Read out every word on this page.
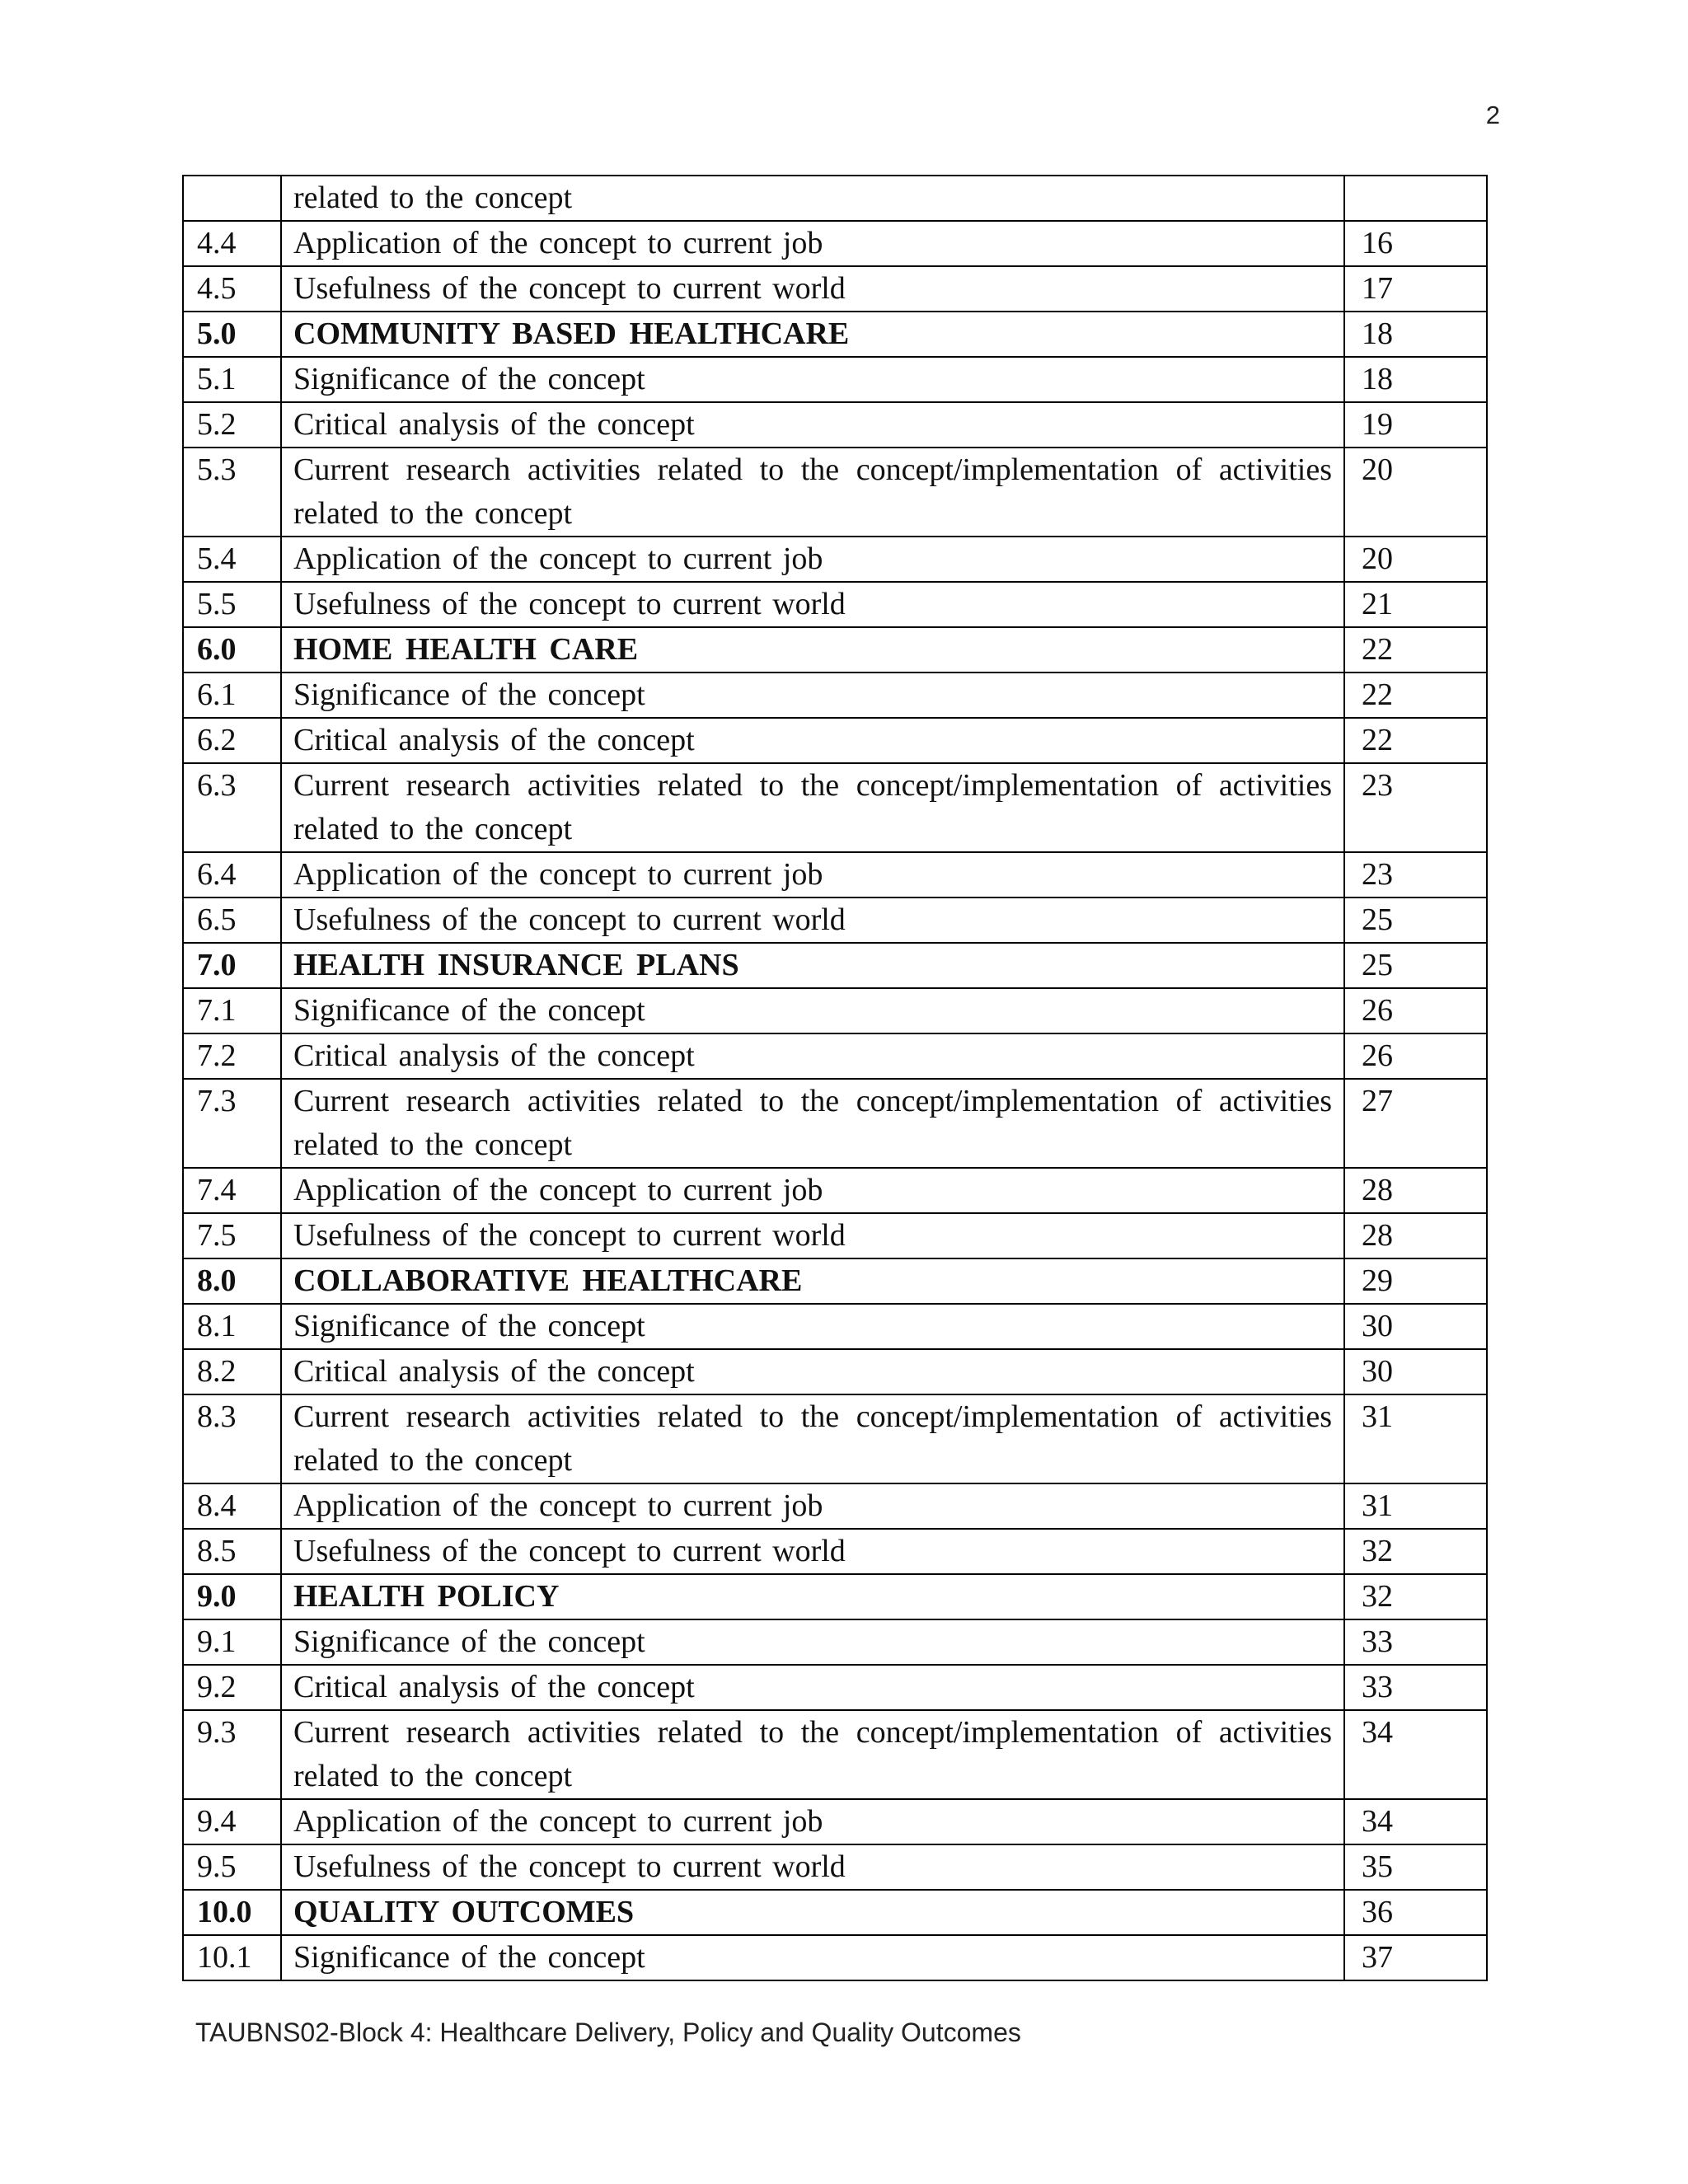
2
	related to the concept	
4.4	Application of the concept to current job	16
4.5	Usefulness of the concept to current world	17
5.0	COMMUNITY BASED HEALTHCARE	18
5.1	Significance of the concept	18
5.2	Critical analysis of the concept	19
5.3	Current research activities related to the concept/implementation of activities related to the concept	20
5.4	Application of the concept to current job	20
5.5	Usefulness of the concept to current world	21
6.0	HOME HEALTH CARE	22
6.1	Significance of the concept	22
6.2	Critical analysis of the concept	22
6.3	Current research activities related to the concept/implementation of activities related to the concept	23
6.4	Application of the concept to current job	23
6.5	Usefulness of the concept to current world	25
7.0	HEALTH INSURANCE PLANS	25
7.1	Significance of the concept	26
7.2	Critical analysis of the concept	26
7.3	Current research activities related to the concept/implementation of activities related to the concept	27
7.4	Application of the concept to current job	28
7.5	Usefulness of the concept to current world	28
8.0	COLLABORATIVE HEALTHCARE	29
8.1	Significance of the concept	30
8.2	Critical analysis of the concept	30
8.3	Current research activities related to the concept/implementation of activities related to the concept	31
8.4	Application of the concept to current job	31
8.5	Usefulness of the concept to current world	32
9.0	HEALTH POLICY	32
9.1	Significance of the concept	33
9.2	Critical analysis of the concept	33
9.3	Current research activities related to the concept/implementation of activities related to the concept	34
9.4	Application of the concept to current job	34
9.5	Usefulness of the concept to current world	35
10.0	QUALITY OUTCOMES	36
10.1	Significance of the concept	37
TAUBNS02-Block 4: Healthcare Delivery, Policy and Quality Outcomes
